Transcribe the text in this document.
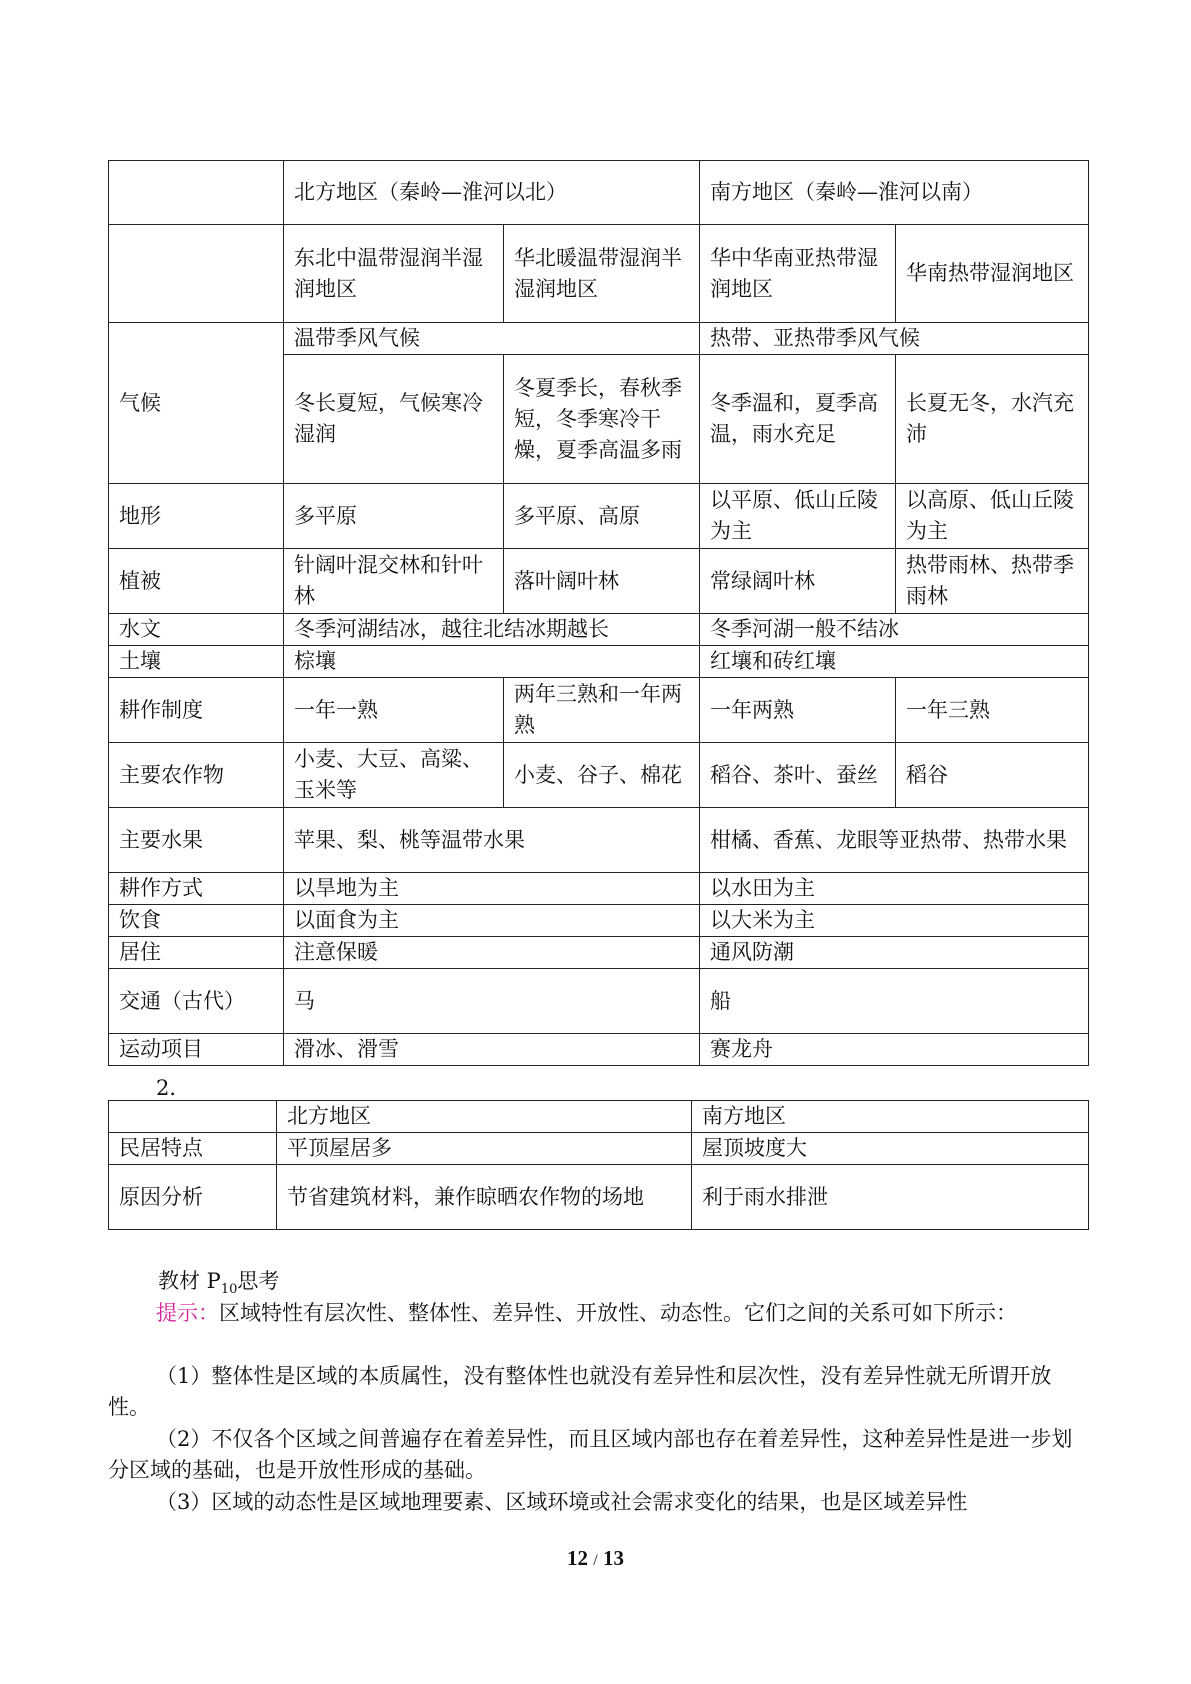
	北方地区（秦岭—淮河以北）		南方地区（秦岭—淮河以南）	
	东北中温带湿润半湿润地区	华北暖温带湿润半湿润地区	华中华南亚热带湿润地区	华南热带湿润地区
气候	温带季风气候		热带、亚热带季风气候	
	冬长夏短，气候寒冷湿润	冬夏季长，春秋季短，冬季寒冷干燥，夏季高温多雨	冬季温和，夏季高温，雨水充足	长夏无冬，水汽充沛
地形	多平原	多平原、高原	以平原、低山丘陵为主	以高原、低山丘陵为主
植被	针阔叶混交林和针叶林	落叶阔叶林	常绿阔叶林	热带雨林、热带季雨林
水文	冬季河湖结冰，越往北结冰期越长		冬季河湖一般不结冰	
土壤	棕壤		红壤和砖红壤	
耕作制度	一年一熟	两年三熟和一年两熟	一年两熟	一年三熟
主要农作物	小麦、大豆、高粱、玉米等	小麦、谷子、棉花	稻谷、茶叶、蚕丝	稻谷
主要水果	苹果、梨、桃等温带水果		柑橘、香蕉、龙眼等亚热带、热带水果	
耕作方式	以旱地为主		以水田为主	
饮食	以面食为主		以大米为主	
居住	注意保暖		通风防潮	
交通（古代）	马		船	
运动项目	滑冰、滑雪		赛龙舟	
2．
	北方地区	南方地区
民居特点	平顶屋居多	屋顶坡度大
原因分析	节省建筑材料，兼作晾晒农作物的场地	利于雨水排泄
教材 $P_{10}$思考
提示：区域特性有层次性、整体性、差异性、开放性、动态性。它们之间的关系可如下所示：
（1）整体性是区域的本质属性，没有整体性也就没有差异性和层次性，没有差异性就无所谓开放性。
（2）不仅各个区域之间普遍存在着差异性，而且区域内部也存在着差异性，这种差异性是进一步划分区域的基础，也是开放性形成的基础。
（3）区域的动态性是区域地理要素、区域环境或社会需求变化的结果，也是区域差异性
12 / 13
